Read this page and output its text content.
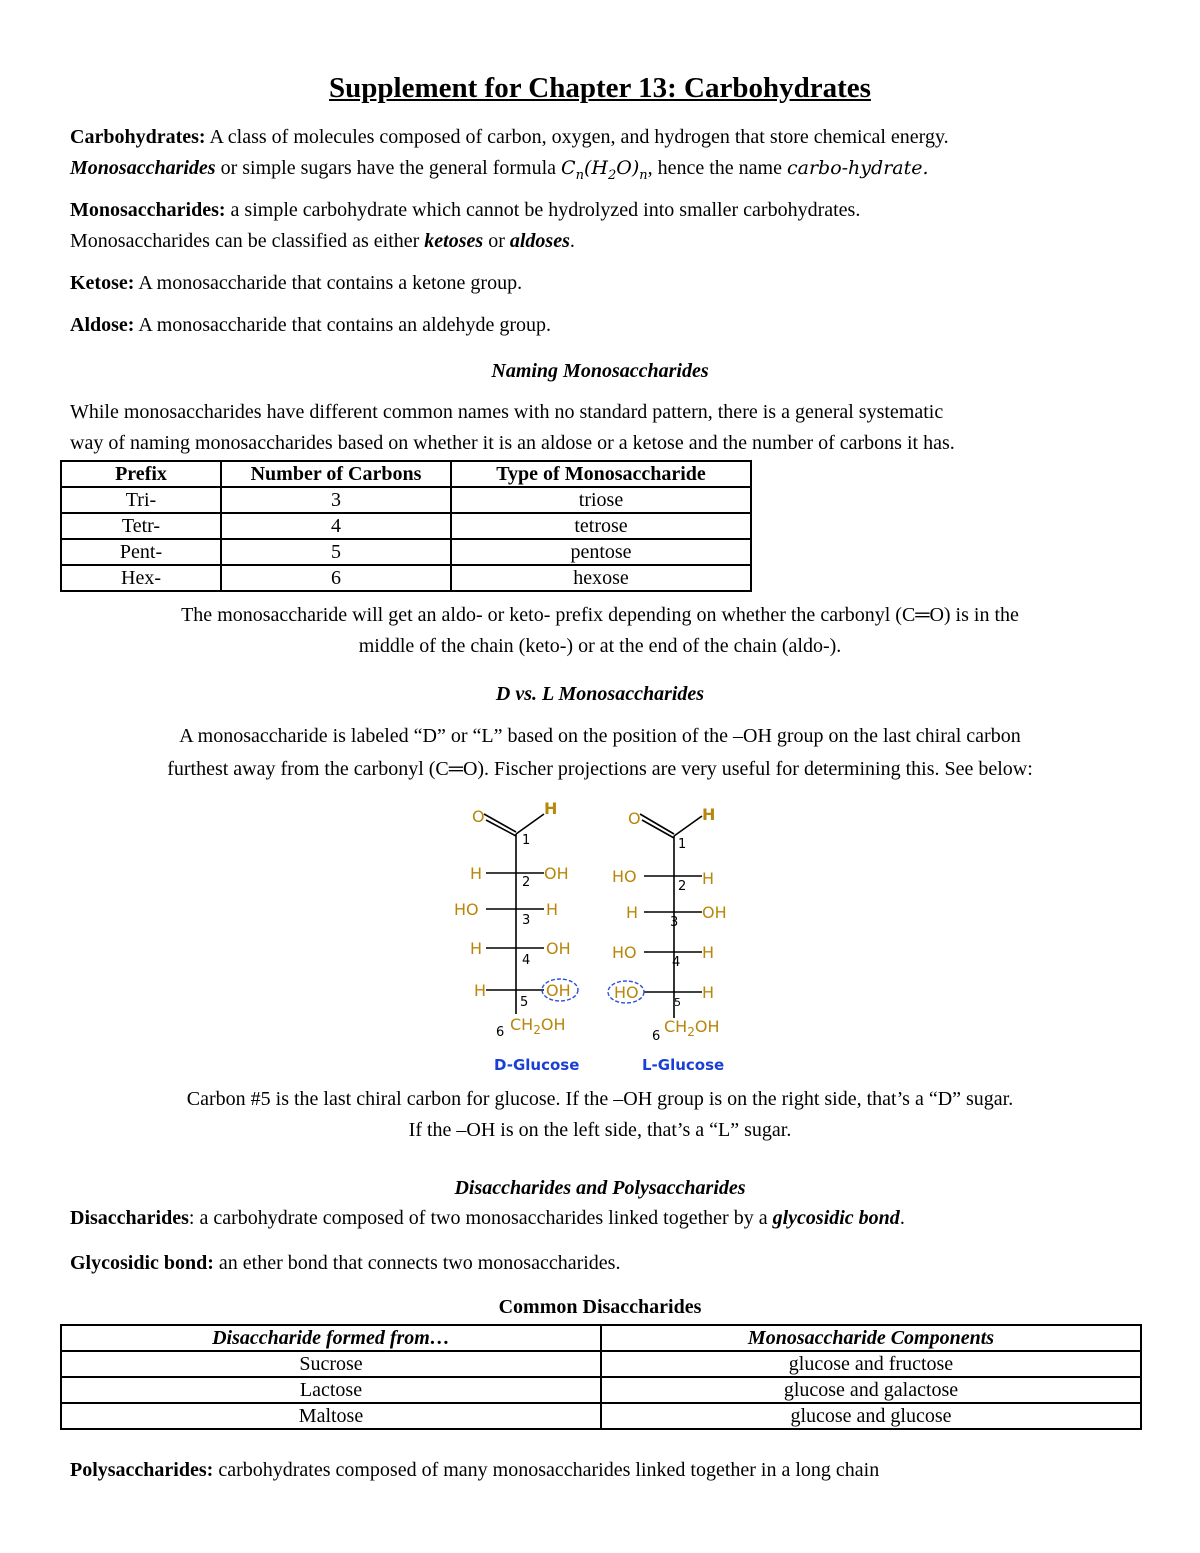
Supplement for Chapter 13: Carbohydrates
Carbohydrates: A class of molecules composed of carbon, oxygen, and hydrogen that store chemical energy.
Monosaccharides or simple sugars have the general formula $C_n(H_2O)_n$, hence the name carbo-hydrate.
Monosaccharides: a simple carbohydrate which cannot be hydrolyzed into smaller carbohydrates.
Monosaccharides can be classified as either ketoses or aldoses.
Ketose: A monosaccharide that contains a ketone group.
Aldose: A monosaccharide that contains an aldehyde group.
Naming Monosaccharides
While monosaccharides have different common names with no standard pattern, there is a general systematic
way of naming monosaccharides based on whether it is an aldose or a ketose and the number of carbons it has.
Prefix	Number of Carbons	Type of Monosaccharide
Tri-	3	triose
Tetr-	4	tetrose
Pent-	5	pentose
Hex-	6	hexose
The monosaccharide will get an aldo- or keto- prefix depending on whether the carbonyl (C═O) is in the
middle of the chain (keto-) or at the end of the chain (aldo-).
D vs. L Monosaccharides
A monosaccharide is labeled “D” or “L” based on the position of the –OH group on the last chiral carbon
furthest away from the carbonyl (C═O). Fischer projections are very useful for determining this. See below:
O	H
1
H	OH
2
HO	H
3
H	OH
4
H	OH
5
6 $CH_2OH$
O	H
1
HO	H
2
H	OH
3
HO	H
4
HO	H
5
6
$CH_2OH$
D-Glucose	L-Glucose
Carbon #5 is the last chiral carbon for glucose. If the –OH group is on the right side, that’s a “D” sugar.
If the –OH is on the left side, that’s a “L” sugar.
Disaccharides and Polysaccharides
Disaccharides: a carbohydrate composed of two monosaccharides linked together by a glycosidic bond.
Glycosidic bond: an ether bond that connects two monosaccharides.
Common Disaccharides
Disaccharide formed from…	Monosaccharide Components
Sucrose	glucose and fructose
Lactose	glucose and galactose
Maltose	glucose and glucose
Polysaccharides: carbohydrates composed of many monosaccharides linked together in a long chain
